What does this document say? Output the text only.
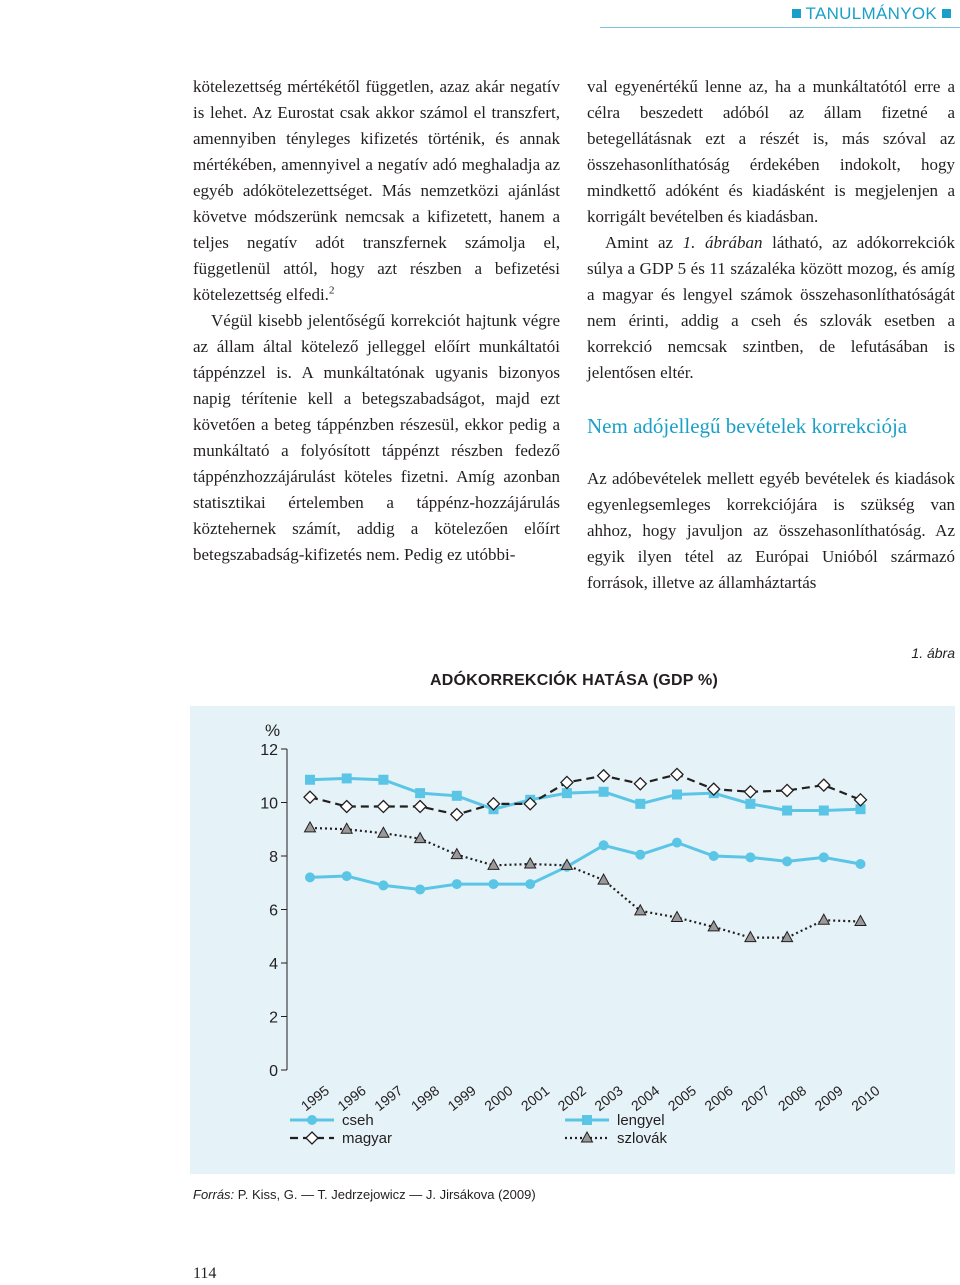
TANULMÁNYOK

kötelezettség mértékétől független, azaz akár negatív is lehet. Az Eurostat csak akkor számol el transzfert, amennyiben tényleges kifizetés történik, és annak mértékében, amennyivel a negatív adó meghaladja az egyéb adókötelezettséget. Más nemzetközi ajánlást követve módszerünk nemcsak a kifizetett, hanem a teljes negatív adót transzfernek számolja el, függetlenül attól, hogy azt részben a befizetési kötelezettség elfedi.$^2$

Végül kisebb jelentőségű korrekciót hajtunk végre az állam által kötelező jelleggel előírt munkáltatói táppénzzel is. A munkáltatónak ugyanis bizonyos napig térítenie kell a betegszabadságot, majd ezt követően a beteg táppénzben részesül, ekkor pedig a munkáltató a folyósított táppénzt részben fedező táppénzhozzájárulást köteles fizetni. Amíg azonban statisztikai értelemben a táppénz-hozzájárulás köztehernek számít, addig a kötelezően előírt betegszabadság-kifizetés nem. Pedig ez utóbbi-

val egyenértékű lenne az, ha a munkáltatótól erre a célra beszedett adóból az állam fizetné a betegellátásnak ezt a részét is, más szóval az összehasonlíthatóság érdekében indokolt, hogy mindkettő adóként és kiadásként is megjelenjen a korrigált bevételben és kiadásban.

Amint az 1. ábrában látható, az adókorrekciók súlya a GDP 5 és 11 százaléka között mozog, és amíg a magyar és lengyel számok összehasonlíthatóságát nem érinti, addig a cseh és szlovák esetben a korrekció nemcsak szintben, de lefutásában is jelentősen eltér.

Nem adójellegű bevételek korrekciója

Az adóbevételek mellett egyéb bevételek és kiadások egyenlegsemleges korrekciójára is szükség van ahhoz, hogy javuljon az összehasonlíthatóság. Az egyik ilyen tétel az Európai Unióból származó források, illetve az államháztartás

1. ábra
ADÓKORREKCIÓK HATÁSA (GDP %)
%
0
2
4
6
8
10
12
1995 1996 1997 1998 1999 2000 2001 2002 2003 2004 2005 2006 2007 2008 2009 2010
cseh
magyar
lengyel
szlovák
Forrás: P. Kiss, G. — T. Jedrzejowicz — J. Jirsákova (2009)
114
